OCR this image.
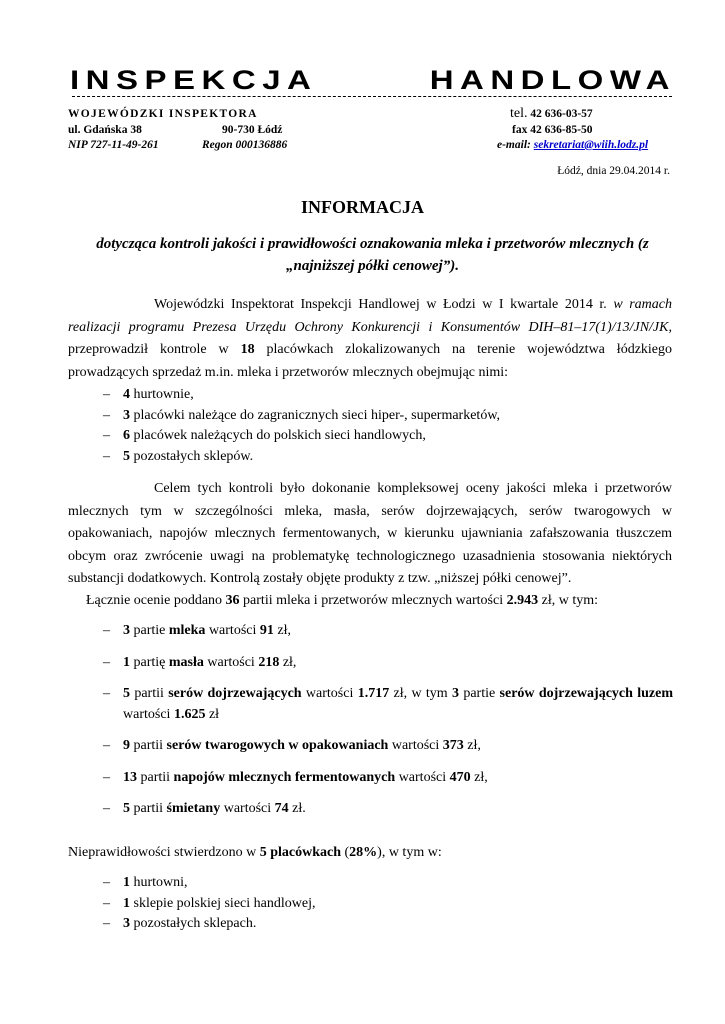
INSPEKCJA	HANDLOWA
WOJEWÓDZKI INSPEKTORA	tel. 42 636-03-57
ul. Gdańska 38	90-730 Łódź	fax 42 636-85-50
NIP 727-11-49-261	Regon 000136886	e-mail: sekretariat@wiih.lodz.pl
Łódź, dnia 29.04.2014 r.
INFORMACJA
dotycząca kontroli jakości i prawidłowości oznakowania mleka i przetworów mlecznych (z „najniższej półki cenowej”).
Wojewódzki Inspektorat Inspekcji Handlowej w Łodzi w I kwartale 2014 r. w ramach realizacji programu Prezesa Urzędu Ochrony Konkurencji i Konsumentów DIH–81–17(1)/13/JN/JK, przeprowadził kontrole w 18 placówkach zlokalizowanych na terenie województwa łódzkiego prowadzących sprzedaż m.in. mleka i przetworów mlecznych obejmując nimi:
– 4 hurtownie,
– 3 placówki należące do zagranicznych sieci hiper-, supermarketów,
– 6 placówek należących do polskich sieci handlowych,
– 5 pozostałych sklepów.
Celem tych kontroli było dokonanie kompleksowej oceny jakości mleka i przetworów mlecznych tym w szczególności mleka, masła, serów dojrzewających, serów twarogowych w opakowaniach, napojów mlecznych fermentowanych, w kierunku ujawniania zafałszowania tłuszczem obcym oraz zwrócenie uwagi na problematykę technologicznego uzasadnienia stosowania niektórych substancji dodatkowych. Kontrolą zostały objęte produkty z tzw. „niższej półki cenowej”.
Łącznie ocenie poddano 36 partii mleka i przetworów mlecznych wartości 2.943 zł, w tym:
– 3 partie mleka wartości 91 zł,
– 1 partię masła wartości 218 zł,
– 5 partii serów dojrzewających wartości 1.717 zł, w tym 3 partie serów dojrzewających luzem wartości 1.625 zł
– 9 partii serów twarogowych w opakowaniach wartości 373 zł,
– 13 partii napojów mlecznych fermentowanych wartości 470 zł,
– 5 partii śmietany wartości 74 zł.
Nieprawidłowości stwierdzono w 5 placówkach (28%), w tym w:
– 1 hurtowni,
– 1 sklepie polskiej sieci handlowej,
– 3 pozostałych sklepach.
